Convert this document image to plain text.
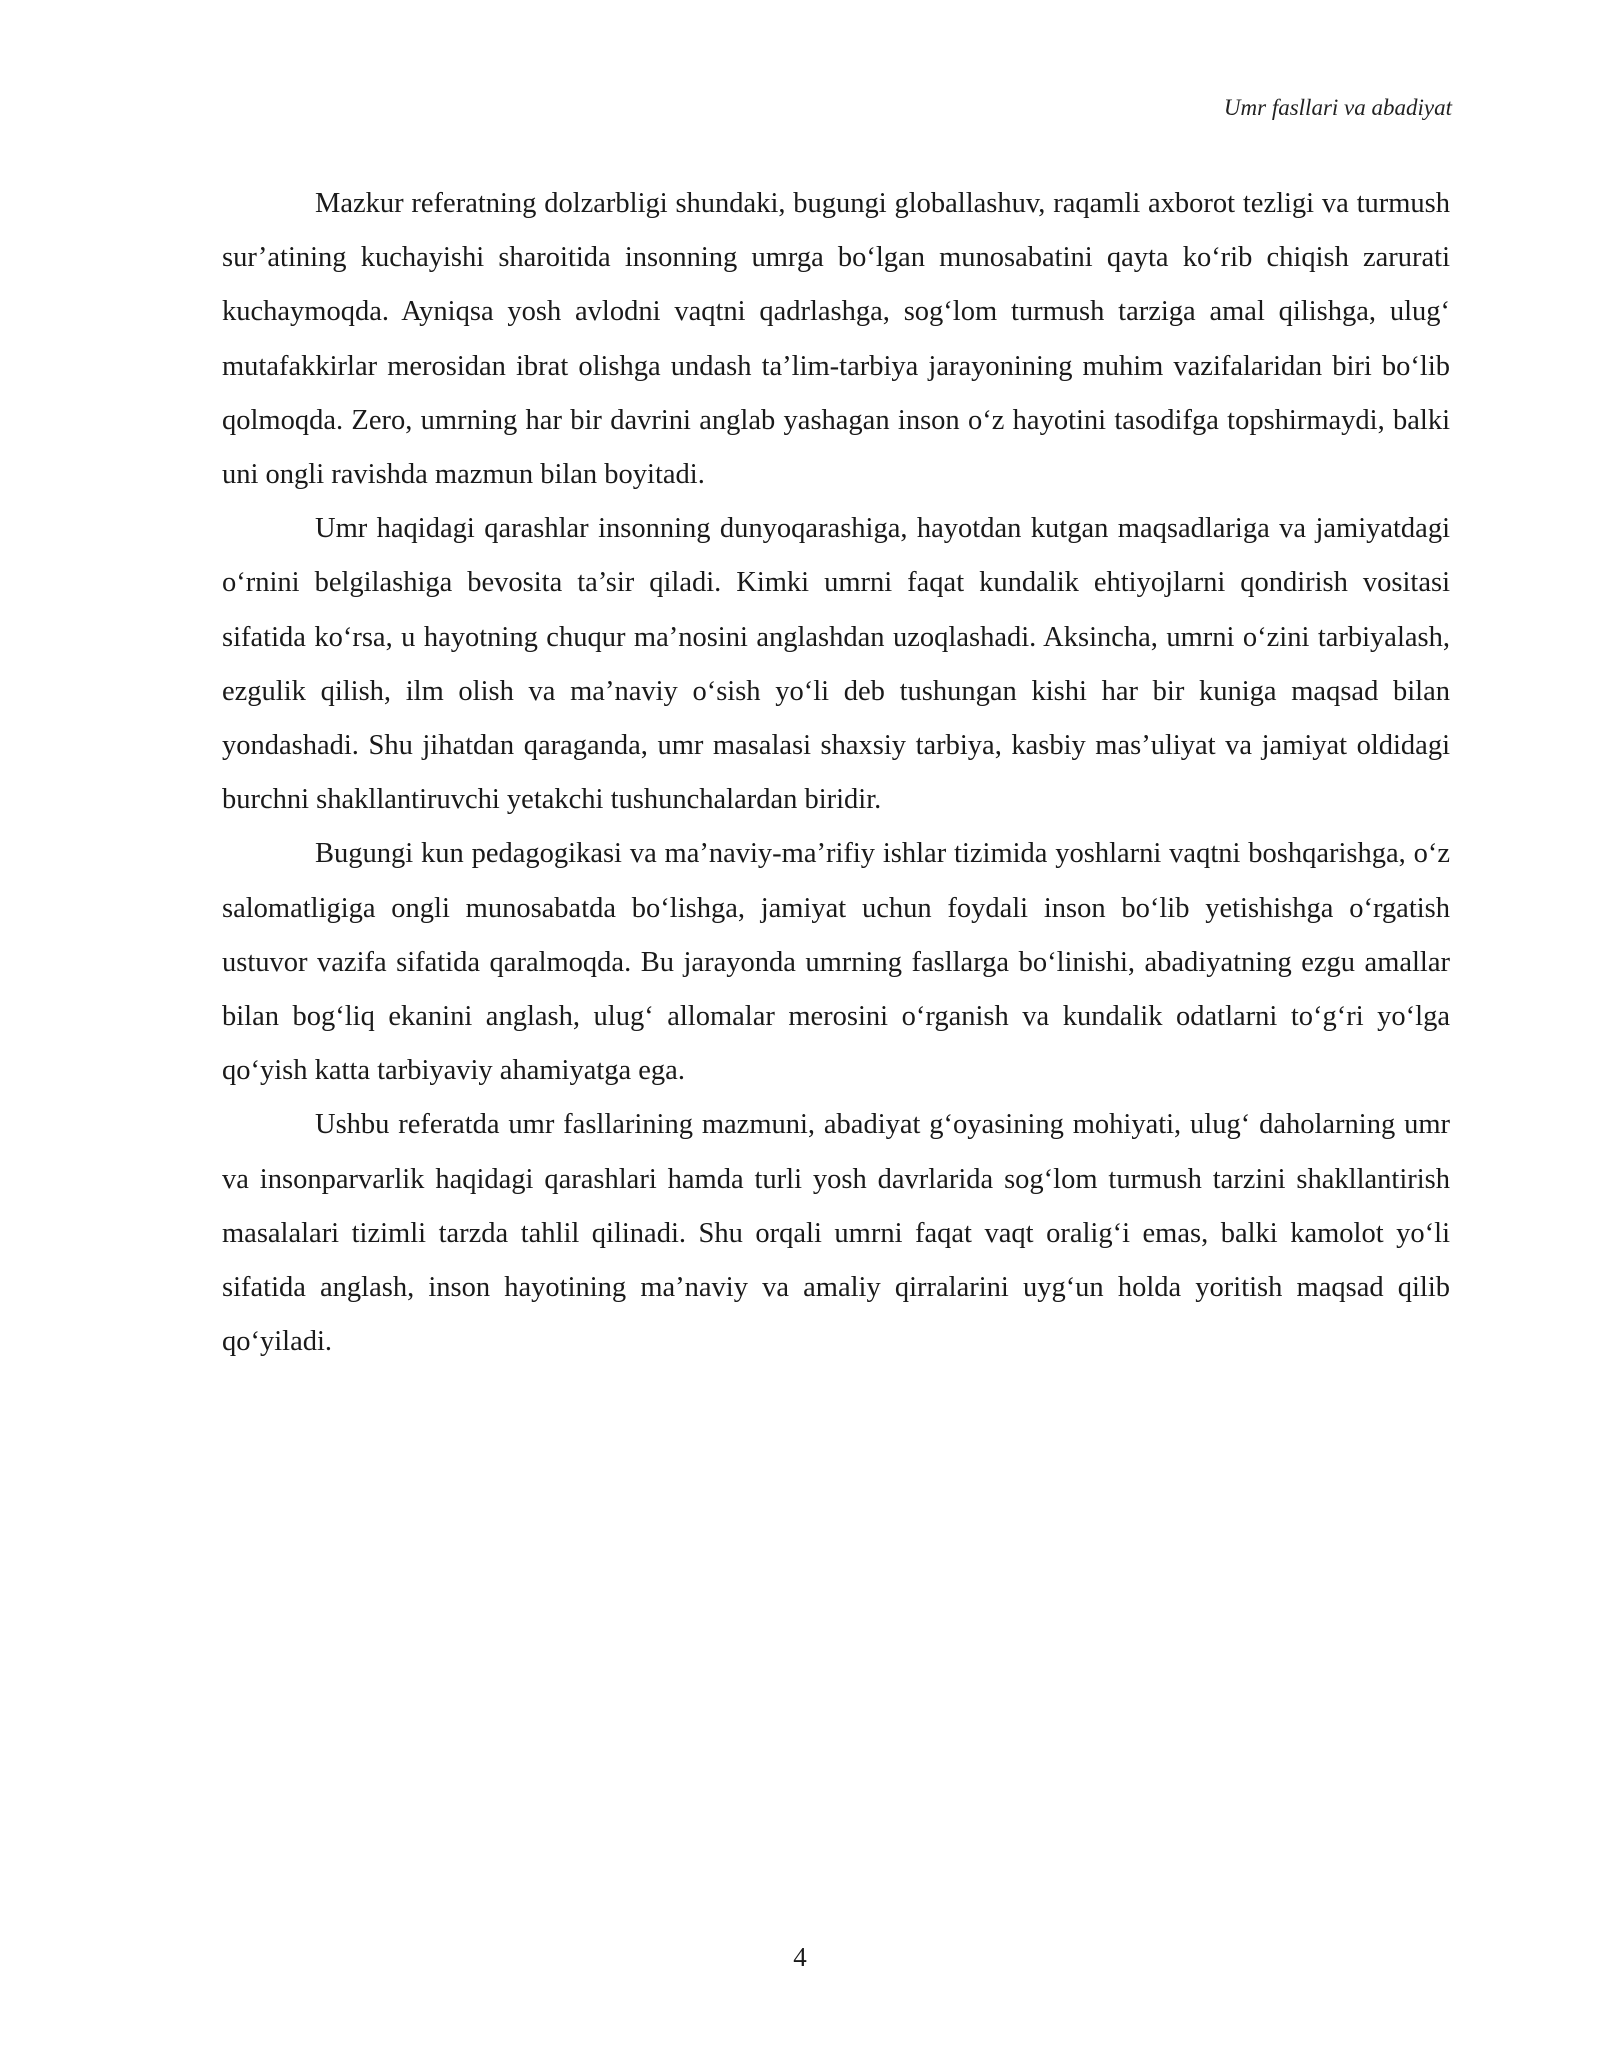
Umr fasllari va abadiyat

Mazkur referatning dolzarbligi shundaki, bugungi globallashuv, raqamli axborot tezligi va turmush sur’atining kuchayishi sharoitida insonning umrga bo‘lgan munosabatini qayta ko‘rib chiqish zarurati kuchaymoqda. Ayniqsa yosh avlodni vaqtni qadrlashga, sog‘lom turmush tarziga amal qilishga, ulug‘ mutafakkirlar merosidan ibrat olishga undash ta’lim-tarbiya jarayonining muhim vazifalaridan biri bo‘lib qolmoqda. Zero, umrning har bir davrini anglab yashagan inson o‘z hayotini tasodifga topshirmaydi, balki uni ongli ravishda mazmun bilan boyitadi.

Umr haqidagi qarashlar insonning dunyoqarashiga, hayotdan kutgan maqsadlariga va jamiyatdagi o‘rnini belgilashiga bevosita ta’sir qiladi. Kimki umrni faqat kundalik ehtiyojlarni qondirish vositasi sifatida ko‘rsa, u hayotning chuqur ma’nosini anglashdan uzoqlashadi. Aksincha, umrni o‘zini tarbiyalash, ezgulik qilish, ilm olish va ma’naviy o‘sish yo‘li deb tushungan kishi har bir kuniga maqsad bilan yondashadi. Shu jihatdan qaraganda, umr masalasi shaxsiy tarbiya, kasbiy mas’uliyat va jamiyat oldidagi burchni shakllantiruvchi yetakchi tushunchalardan biridir.

Bugungi kun pedagogikasi va ma’naviy-ma’rifiy ishlar tizimida yoshlarni vaqtni boshqarishga, o‘z salomatligiga ongli munosabatda bo‘lishga, jamiyat uchun foydali inson bo‘lib yetishishga o‘rgatish ustuvor vazifa sifatida qaralmoqda. Bu jarayonda umrning fasllarga bo‘linishi, abadiyatning ezgu amallar bilan bog‘liq ekanini anglash, ulug‘ allomalar merosini o‘rganish va kundalik odatlarni to‘g‘ri yo‘lga qo‘yish katta tarbiyaviy ahamiyatga ega.

Ushbu referatda umr fasllarining mazmuni, abadiyat g‘oyasining mohiyati, ulug‘ daholarning umr va insonparvarlik haqidagi qarashlari hamda turli yosh davrlarida sog‘lom turmush tarzini shakllantirish masalalari tizimli tarzda tahlil qilinadi. Shu orqali umrni faqat vaqt oralig‘i emas, balki kamolot yo‘li sifatida anglash, inson hayotining ma’naviy va amaliy qirralarini uyg‘un holda yoritish maqsad qilib qo‘yiladi.

4
